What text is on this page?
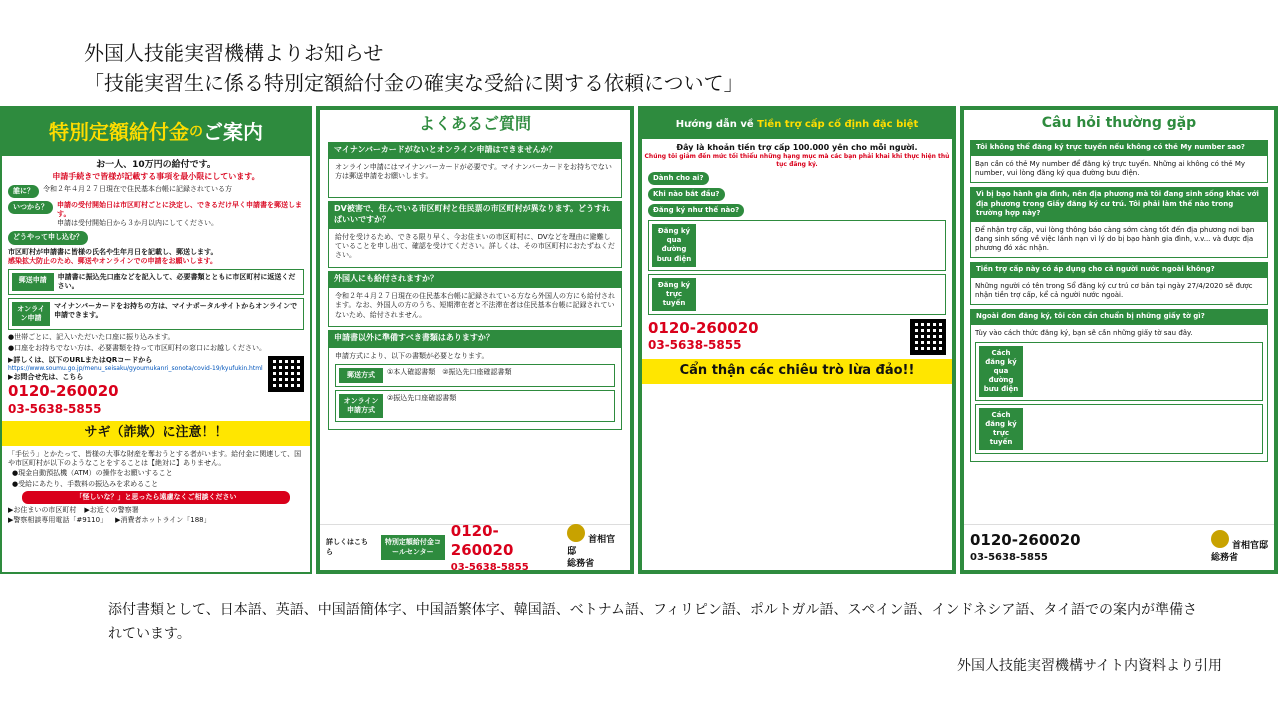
外国人技能実習機構よりお知らせ
「技能実習生に係る特別定額給付金の確実な受給に関する依頼について」
特別定額給付金 の ご案内
お一人、10万円の給付です。
申請手続きで皆様が記載する事項を最小限にしています。
誰に？	令和２年４月２７日現在で住民基本台帳に記録されている方
いつから？	申請の受付開始日は市区町村ごとに決定し、できるだけ早く申請書を郵送します。
申請は受付開始日から３か月以内にしてください。
どうやって申し込む？
市区町村が申請書に皆様の氏名や生年月日を記載し、郵送します。
感染拡大防止のため、郵送やオンラインでの申請をお願いします。
郵送申請	申請書に振込先口座などを記入して、必要書類とともに市区町村に返送ください。
オンライン申請
マイナンバーカードをお持ちの方は、マイナポータルサイトからオンラインで申請できます。
●世帯ごとに、記入いただいた口座に振り込みます。
●口座をお持ちでない方は、必要書類を持って市区町村の窓口にお越しください。
▶詳しくは、以下のURLまたはQRコードから
https://www.soumu.go.jp/menu_seisaku/gyoumukanri_sonota/covid-19/kyufukin.html
▶お問合せ先は、こちら
0120-260020
03-5638-5855
サギ（詐欺）に注意！！
「手伝う」とかたって、皆様の大事な財産を奪おうとする者がいます。給付金に関連して、国や市区町村が以下のようなことをすることは【絶対に】ありません。
●現金自動預払機（ATM）の操作をお願いすること
●受給にあたり、手数料の振込みを求めること
「怪しいな？」と思ったら遠慮なくご相談ください
▶お住まいの市区町村 ▶お近くの警察署
▶警察相談専用電話「#9110」 ▶消費者ホットライン「188」
よくあるご質問
マイナンバーカードがないとオンライン申請はできませんか？
オンライン申請にはマイナンバーカードが必要です。マイナンバーカードをお持ちでない方は郵送申請をお願いします。
DV被害で、住んでいる市区町村と住民票の市区町村が異なります。どうすればいいですか？
給付を受けるため、できる限り早く、今お住まいの市区町村に、DVなどを理由に避難していることを申し出て、確認を受けてください。詳しくは、その市区町村におたずねください。
外国人にも給付されますか？
令和２年４月２７日現在の住民基本台帳に記録されている方なら外国人の方にも給付されます。なお、外国人の方のうち、短期滞在者と不法滞在者は住民基本台帳に記録されていないため、給付されません。
申請書以外に準備すべき書類はありますか？
申請方式により、以下の書類が必要となります。
郵送方式	①本人確認書類　②振込先口座確認書類
オンライン申請方式
②振込先口座確認書類
詳しくはこちら
特別定額給付金コールセンター
0120-260020
03-5638-5855
首相官邸
総務省
Hướng dẫn về Tiền trợ cấp cố định đặc biệt
Đây là khoản tiền trợ cấp 100.000 yên cho mỗi người.
Chúng tôi giảm đến mức tối thiểu những hạng mục mà các bạn phải khai khi thực hiện thủ tục đăng ký.
Dành cho ai?
Khi nào bắt đầu?
Đăng ký như thế nào?
Đăng ký qua đường bưu điện
Đăng ký trực tuyến
0120-260020
03-5638-5855
Cẩn thận các chiêu trò lừa đảo!!
Câu hỏi thường gặp
Tôi không thể đăng ký trực tuyến nếu không có thẻ My number sao?
Bạn cần có thẻ My number để đăng ký trực tuyến. Những ai không có thẻ My number, vui lòng đăng ký qua đường bưu điện.
Vì bị bạo hành gia đình, nên địa phương mà tôi đang sinh sống khác với địa phương trong Giấy đăng ký cư trú. Tôi phải làm thế nào trong trường hợp này?
Để nhận trợ cấp, vui lòng thông báo càng sớm càng tốt đến địa phương nơi bạn đang sinh sống về việc lánh nạn vì lý do bị bạo hành gia đình, v.v... và được địa phương đó xác nhận.
Tiền trợ cấp này có áp dụng cho cả người nước ngoài không?
Những người có tên trong Sổ đăng ký cư trú cơ bản tại ngày 27/4/2020 sẽ được nhận tiền trợ cấp, kể cả người nước ngoài.
Ngoài đơn đăng ký, tôi còn cần chuẩn bị những giấy tờ gì?
Tùy vào cách thức đăng ký, bạn sẽ cần những giấy tờ sau đây.
Cách đăng ký qua đường bưu điện
Cách đăng ký trực tuyến
0120-260020
03-5638-5855
首相官邸
総務省
添付書類として、日本語、英語、中国語簡体字、中国語繁体字、韓国語、ベトナム語、フィリピン語、ポルトガル語、スペイン語、インドネシア語、タイ語での案内が準備されています。
外国人技能実習機構サイト内資料より引用
